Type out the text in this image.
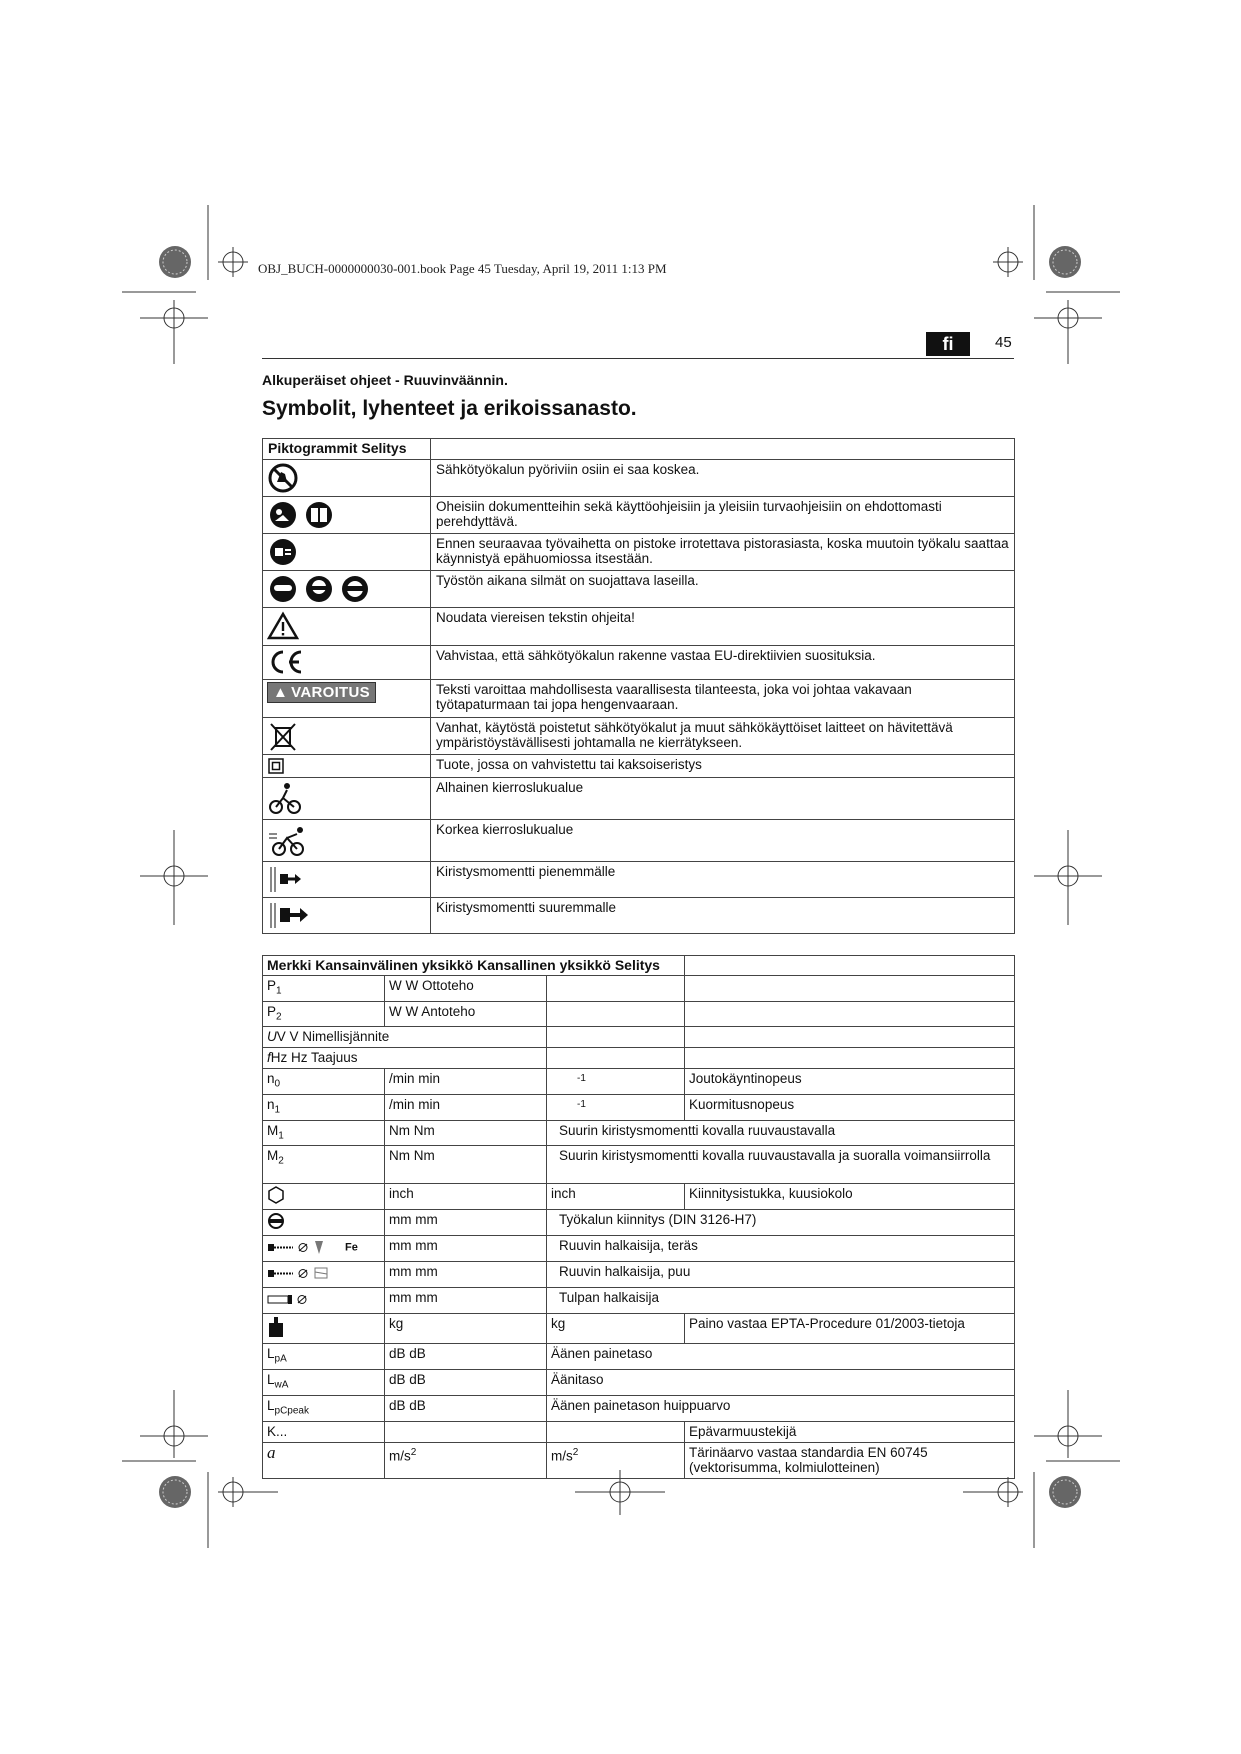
OBJ_BUCH-0000000030-001.book Page 45 Tuesday, April 19, 2011 1:13 PM
fi	45
Alkuperäiset ohjeet - Ruuvinväännin.
Symbolit, lyhenteet ja erikoissanasto.
Piktogrammit Selitys	

	Sähkötyökalun pyöriviin osiin ei saa koskea.

	Oheisiin dokumentteihin sekä käyttöohjeisiin ja yleisiin turvaohjeisiin on ehdottomasti perehdyttävä.

	Ennen seuraavaa työvaihetta on pistoke irrotettava pistorasiasta, koska muutoin työkalu saattaa käynnistyä epähuomiossa itsestään.

	Työstön aikana silmät on suojattava laseilla.

	Noudata viereisen tekstin ohjeita!

	Vahvistaa, että sähkötyökalun rakenne vastaa EU-direktiivien suosituksia.
▲ VAROITUS	Teksti varoittaa mahdollisesta vaarallisesta tilanteesta, joka voi johtaa vakavaan työtapaturmaan tai jopa hengenvaaraan.

	Vanhat, käytöstä poistetut sähkötyökalut ja muut sähkökäyttöiset laitteet on hävitettävä ympäristöystävällisesti johtamalla ne kierrätykseen.

	Tuote, jossa on vahvistettu tai kaksoiseristys

	Alhainen kierroslukualue

	Korkea kierroslukualue

	Kiristysmomentti pienemmälle

	Kiristysmomentti suuremmalle
Merkki Kansainvälinen yksikkö Kansallinen yksikkö Selitys			
$P_1$	W W Ottoteho		
$P_2$	W W Antoteho		
UV V Nimellisjännite			
fHz Hz Taajuus			
$n_0$	/min min	-1	Joutokäyntinopeus
$n_1$	/min min	-1	Kuormitusnopeus
$M_1$	Nm Nm	Suurin kiristysmomentti kovalla ruuvaustavalla	
$M_2$	Nm Nm	Suurin kiristysmomentti kovalla ruuvaustavalla ja suoralla voimansiirrolla	
	inch	inch	Kiinnitysistukka, kuusiokolo
	mm mm	Työkalun kiinnitys (DIN 3126-H7)	
Fe	mm mm	Ruuvin halkaisija, teräs	
	mm mm	Ruuvin halkaisija, puu	
	mm mm	Tulpan halkaisija	
	kg	kg	Paino vastaa EPTA-Procedure 01/2003-tietoja
$L_{pA}$	dB dB	Äänen painetaso	
$L_{wA}$	dB dB	Äänitaso	
$L_{pCpeak}$	dB dB	Äänen painetason huippuarvo	
K...			Epävarmuustekijä
a	$m/s^2$	$m/s^2$	Tärinäarvo vastaa standardia EN 60745 (vektorisumma, kolmiulotteinen)
